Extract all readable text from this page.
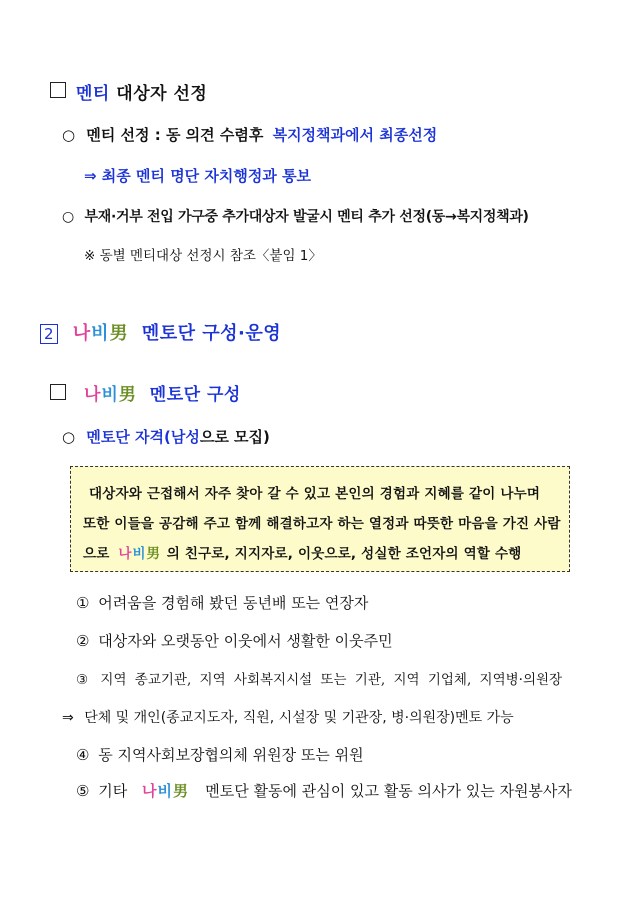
멘티 대상자 선정
○ 멘티 선정 : 동 의견 수렴후 복지정책과에서 최종선정
⇒ 최종 멘티 명단 자치행정과 통보
○ 부재·거부 전입 가구중 추가대상자 발굴시 멘티 추가 선정(동→복지정책과)
※ 동별 멘티대상 선정시 참조〈붙임 1〉
2 나비男 멘토단 구성·운영
나비男 멘토단 구성
○ 멘토단 자격(남성으로 모집)
대상자와 근접해서 자주 찾아 갈 수 있고 본인의 경험과 지혜를 같이 나누며
또한 이들을 공감해 주고 함께 해결하고자 하는 열정과 따뜻한 마음을 가진 사람
으로 나비男 의 친구로, 지지자로, 이웃으로, 성실한 조언자의 역할 수행
① 어려움을 경험해 봤던 동년배 또는 연장자
② 대상자와 오랫동안 이웃에서 생활한 이웃주민
③ 지역 종교기관, 지역 사회복지시설 또는 기관, 지역 기업체, 지역병·의원장
⇒ 단체 및 개인(종교지도자, 직원, 시설장 및 기관장, 병·의원장)멘토 가능
④ 동 지역사회보장협의체 위원장 또는 위원
⑤ 기타 나비男 멘토단 활동에 관심이 있고 활동 의사가 있는 자원봉사자
